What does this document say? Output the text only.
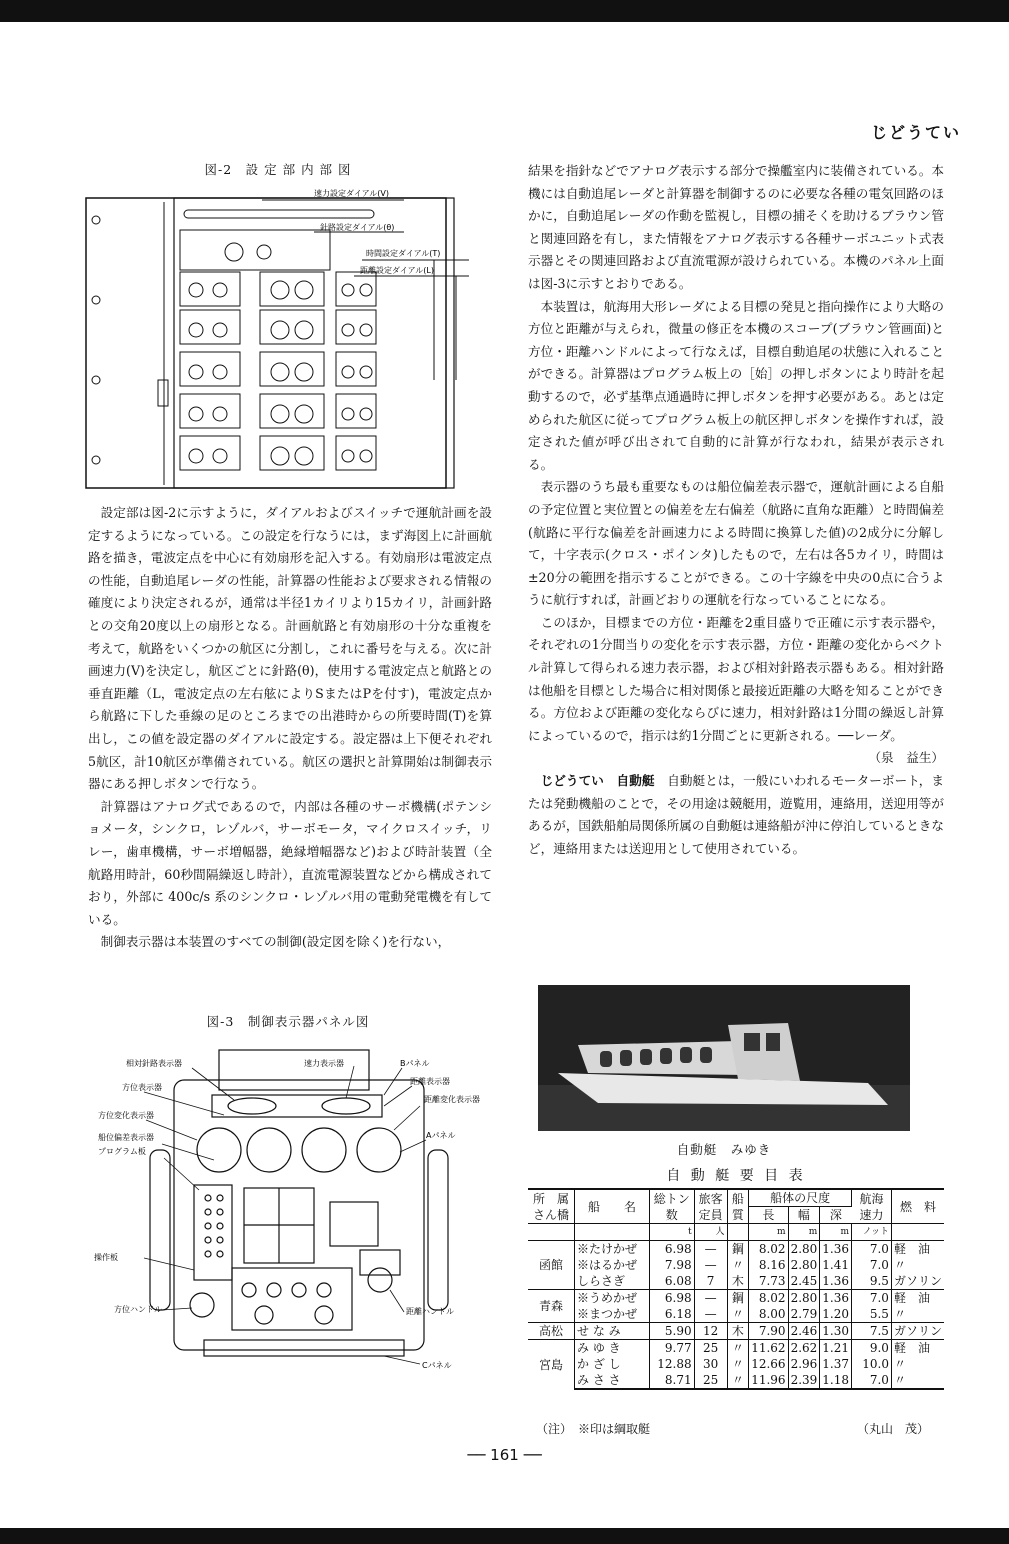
じどうてい
図-2　設 定 部 内 部 図
速力設定ダイアル(V)
針路設定ダイアル(θ)
時間設定ダイアル(T)
距離設定ダイアル(L)

設定部は図-2に示すように，ダイアルおよびスイッチで運航計画を設定するようになっている。この設定を行なうには，まず海図上に計画航路を描き，電波定点を中心に有効扇形を記入する。有効扇形は電波定点の性能，自動追尾レーダの性能，計算器の性能および要求される情報の確度により決定されるが，通常は半径1カイリより15カイリ，計画針路との交角20度以上の扇形となる。計画航路と有効扇形の十分な重複を考えて，航路をいくつかの航区に分割し，これに番号を与える。次に計画速力(V)を決定し，航区ごとに針路(θ)，使用する電波定点と航路との垂直距離（L，電波定点の左右舷によりSまたはPを付す)，電波定点から航路に下した垂線の足のところまでの出港時からの所要時間(T)を算出し，この値を設定器のダイアルに設定する。設定器は上下便それぞれ5航区，計10航区が準備されている。航区の選択と計算開始は制御表示器にある押しボタンで行なう。

計算器はアナログ式であるので，内部は各種のサーボ機構(ポテンショメータ，シンクロ，レゾルバ，サーボモータ，マイクロスイッチ，リレー，歯車機構，サーボ増幅器，絶縁増幅器など)および時計装置（全航路用時計，60秒間隔繰返し時計），直流電源装置などから構成されており，外部に 400c/s 系のシンクロ・レゾルバ用の電動発電機を有している。

制御表示器は本装置のすべての制御(設定図を除く)を行ない，

図-3　制御表示器パネル図
相対針路表示器
方位表示器
方位変化表示器
船位偏差表示器
プログラム板
操作板
方位ハンドル
速力表示器	Bパネル
距離表示器
距離変化表示器
Aパネル
距離ハンドル
Cパネル

結果を指針などでアナログ表示する部分で操艦室内に装備されている。本機には自動追尾レーダと計算器を制御するのに必要な各種の電気回路のほかに，自動追尾レーダの作動を監視し，目標の捕そくを助けるブラウン管と関連回路を有し，また情報をアナログ表示する各種サーボユニット式表示器とその関連回路および直流電源が設けられている。本機のパネル上面は図-3に示すとおりである。

本装置は，航海用大形レーダによる目標の発見と指向操作により大略の方位と距離が与えられ，微量の修正を本機のスコープ(ブラウン管画面)と方位・距離ハンドルによって行なえば，目標自動追尾の状態に入れることができる。計算器はプログラム板上の［始］の押しボタンにより時計を起動するので，必ず基準点通過時に押しボタンを押す必要がある。あとは定められた航区に従ってプログラム板上の航区押しボタンを操作すれば，設定された値が呼び出されて自動的に計算が行なわれ，結果が表示される。

表示器のうち最も重要なものは船位偏差表示器で，運航計画による自船の予定位置と実位置との偏差を左右偏差（航路に直角な距離）と時間偏差(航路に平行な偏差を計画速力による時間に換算した値)の2成分に分解して，十字表示(クロス・ポインタ)したもので，左右は各5カイリ，時間は ±20分の範囲を指示することができる。この十字線を中央の0点に合うように航行すれば，計画どおりの運航を行なっていることになる。

このほか，目標までの方位・距離を2重目盛りで正確に示す表示器や，それぞれの1分間当りの変化を示す表示器，方位・距離の変化からベクトル計算して得られる速力表示器，および相対針路表示器もある。相対針路は他船を目標とした場合に相対関係と最接近距離の大略を知ることができる。方位および距離の変化ならびに速力，相対針路は1分間の繰返し計算によっているので，指示は約1分間ごとに更新される。──レーダ。

（泉　益生）

じどうてい　自動艇　 自動艇とは，一般にいわれるモーターボート，または発動機船のことで，その用途は競艇用，遊覧用，連絡用，送迎用等があるが，国鉄船舶局関係所属の自動艇は連絡船が沖に停泊しているときなど，連絡用または送迎用として使用されている。

自動艇　みゆき
自 動 艇 要 目 表
所　属さん橋	船　　名	総トン数	旅客定員	船質	船体の尺度			航海速力	燃　料
					長	幅	深		
		t	人		m	m	m	ノット	
函館	※たけかぜ	6.98	—	鋼	8.02	2.80	1.36	7.0	軽　油
	※はるかぜ	7.98	—	〃	8.16	2.80	1.41	7.0	〃
	しらさぎ	6.08	7	木	7.73	2.45	1.36	9.5	ガソリン
青森	※うめかぜ	6.98	—	鋼	8.02	2.80	1.36	7.0	軽　油
	※まつかぜ	6.18	—	〃	8.00	2.79	1.20	5.5	〃
高松	せ な み	5.90	12	木	7.90	2.46	1.30	7.5	ガソリン
宮島	み ゆ き	9.77	25	〃	11.62	2.62	1.21	9.0	軽　油
	か ざ し	12.88	30	〃	12.66	2.96	1.37	10.0	〃
	み さ さ	8.71	25	〃	11.96	2.39	1.18	7.0	〃
（注）　※印は綱取艇	（丸山　茂）
── 161 ──
